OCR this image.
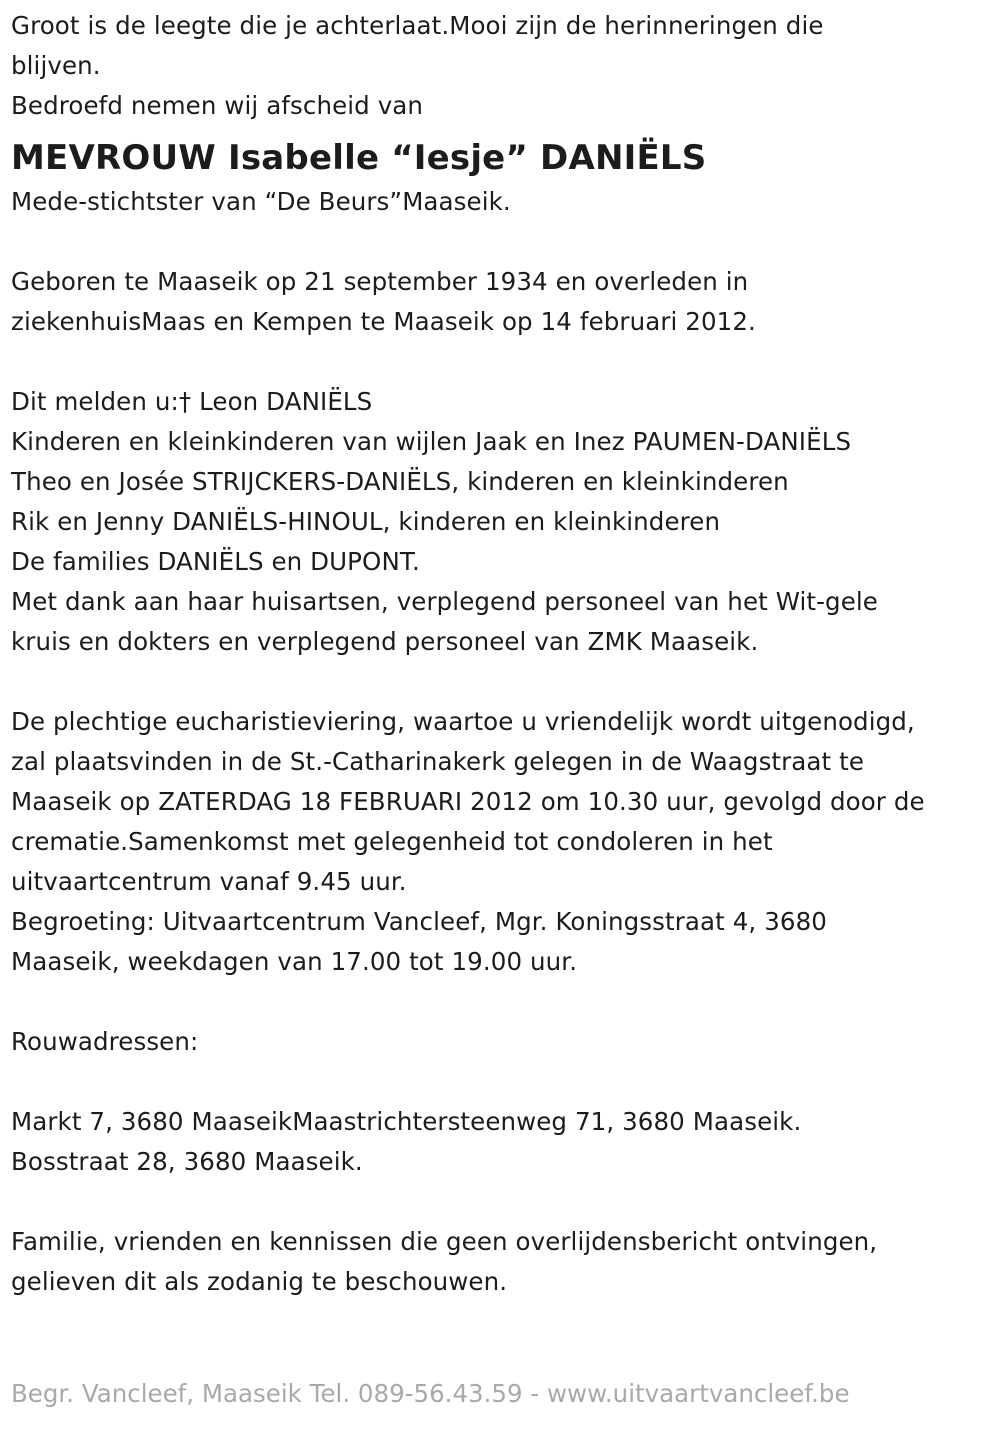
Groot is de leegte die je achterlaat.Mooi zijn de herinneringen die
blijven.
Bedroefd nemen wij afscheid van
MEVROUW Isabelle “Iesje” DANIËLS
Mede-stichtster van “De Beurs”Maaseik.
Geboren te Maaseik op 21 september 1934 en overleden in
ziekenhuisMaas en Kempen te Maaseik op 14 februari 2012.
Dit melden u:† Leon DANIËLS
Kinderen en kleinkinderen van wijlen Jaak en Inez PAUMEN-DANIËLS
Theo en Josée STRIJCKERS-DANIËLS, kinderen en kleinkinderen
Rik en Jenny DANIËLS-HINOUL, kinderen en kleinkinderen
De families DANIËLS en DUPONT.
Met dank aan haar huisartsen, verplegend personeel van het Wit-gele
kruis en dokters en verplegend personeel van ZMK Maaseik.
De plechtige eucharistieviering, waartoe u vriendelijk wordt uitgenodigd,
zal plaatsvinden in de St.-Catharinakerk gelegen in de Waagstraat te
Maaseik op ZATERDAG 18 FEBRUARI 2012 om 10.30 uur, gevolgd door de
crematie.Samenkomst met gelegenheid tot condoleren in het
uitvaartcentrum vanaf 9.45 uur.
Begroeting: Uitvaartcentrum Vancleef, Mgr. Koningsstraat 4, 3680
Maaseik, weekdagen van 17.00 tot 19.00 uur.
Rouwadressen:
Markt 7, 3680 MaaseikMaastrichtersteenweg 71, 3680 Maaseik.
Bosstraat 28, 3680 Maaseik.
Familie, vrienden en kennissen die geen overlijdensbericht ontvingen,
gelieven dit als zodanig te beschouwen.
Begr. Vancleef, Maaseik Tel. 089-56.43.59 - www.uitvaartvancleef.be
